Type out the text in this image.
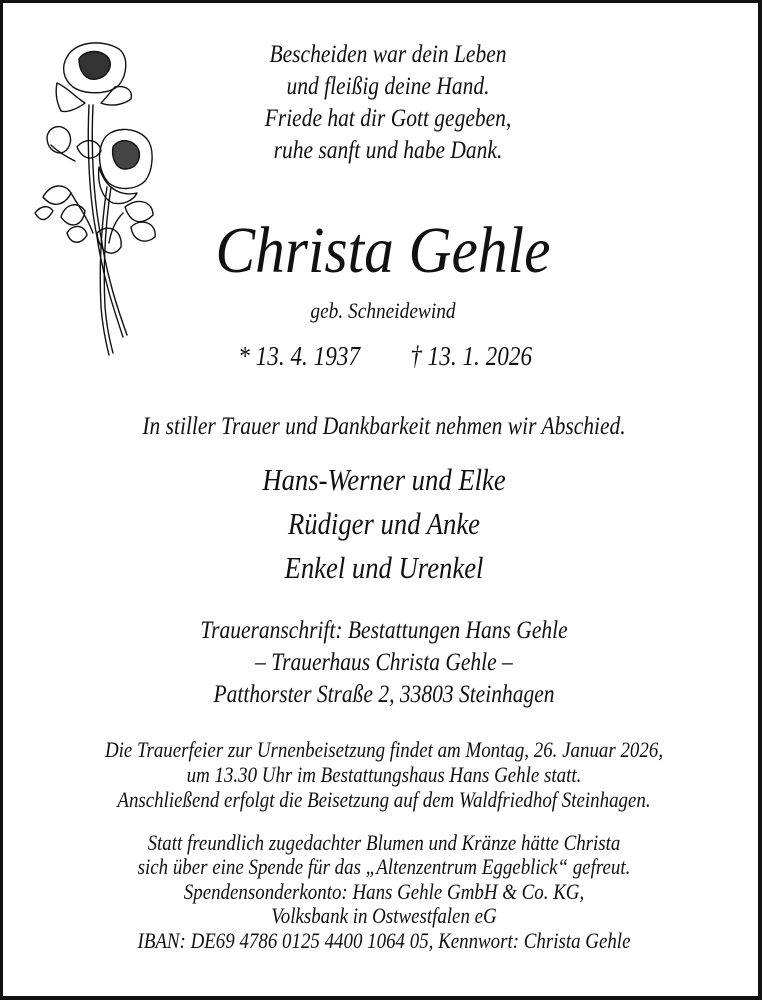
Bescheiden war dein Leben
und fleißig deine Hand.
Friede hat dir Gott gegeben,
ruhe sanft und habe Dank.
Christa Gehle
geb. Schneidewind
* 13. 4. 1937 † 13. 1. 2026
In stiller Trauer und Dankbarkeit nehmen wir Abschied.
Hans-Werner und Elke
Rüdiger und Anke
Enkel und Urenkel
Traueranschrift: Bestattungen Hans Gehle
– Trauerhaus Christa Gehle –
Patthorster Straße 2, 33803 Steinhagen
Die Trauerfeier zur Urnenbeisetzung findet am Montag, 26. Januar 2026,
um 13.30 Uhr im Bestattungshaus Hans Gehle statt.
Anschließend erfolgt die Beisetzung auf dem Waldfriedhof Steinhagen.
Statt freundlich zugedachter Blumen und Kränze hätte Christa
sich über eine Spende für das „Altenzentrum Eggeblick“ gefreut.
Spendensonderkonto: Hans Gehle GmbH & Co. KG,
Volksbank in Ostwestfalen eG
IBAN: DE69 4786 0125 4400 1064 05, Kennwort: Christa Gehle
